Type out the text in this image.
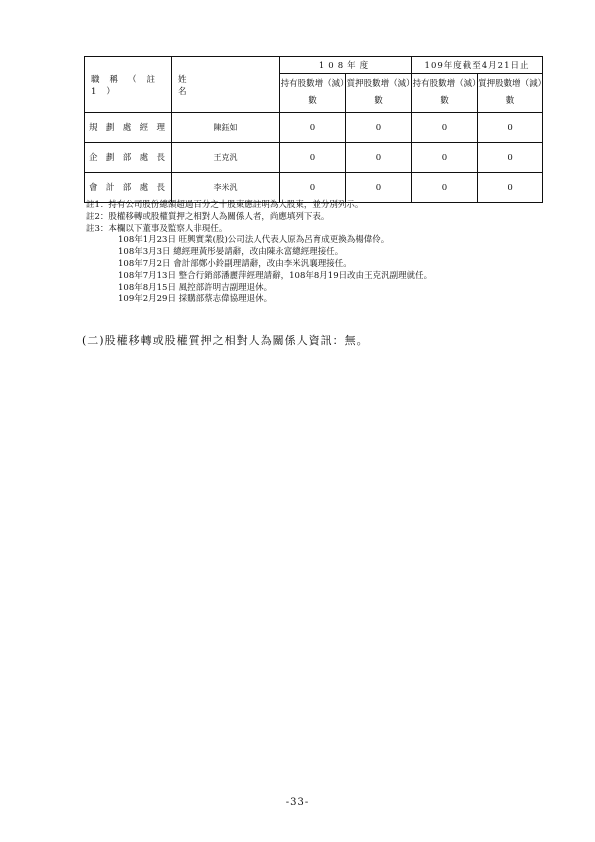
職稱（註1）	姓名	108年度		109年度截至4月21日止	
		持有股數增（減）數	質押股數增（減）數	持有股數增（減）數	質押股數增（減）數
規劃處經理	陳鈺如	0	0	0	0
企劃部處長	王克汎	0	0	0	0
會計部處長	李米汎	0	0	0	0
註1：持有公司股份總額超過百分之十股東應註明為大股東，並分別列示。
註2：股權移轉或股權質押之相對人為關係人者，尚應填列下表。
註3：本欄以下董事及監察人非現任。
108年1月23日 旺興實業(股)公司法人代表人原為呂育成更換為楊偉伶。
108年3月3日 總經理黃彤晏請辭，改由陳永富總經理接任。
108年7月2日 會計部鄭小鈴副理請辭，改由李米汎襄理接任。
108年7月13日 整合行銷部潘麗萍經理請辭，108年8月19日改由王克汎副理就任。
108年8月15日 風控部許明吉副理退休。
109年2月29日 採購部蔡志偉協理退休。
(二)股權移轉或股權質押之相對人為關係人資訊：無。
-33-
